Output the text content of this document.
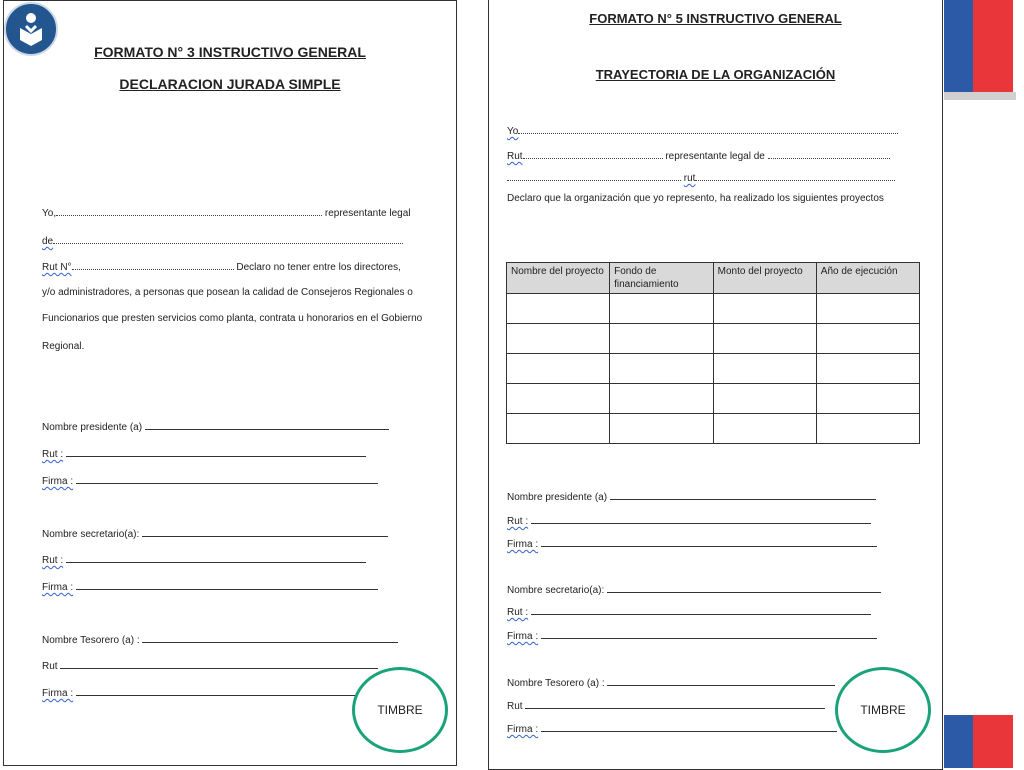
FORMATO N° 3 INSTRUCTIVO GENERAL
DECLARACION JURADA SIMPLE
Yo,	representante legal
de
Rut N°	Declaro no tener entre los directores,
y/o administradores, a personas que posean la calidad de Consejeros Regionales o
Funcionarios que presten servicios como planta, contrata u honorarios en el Gobierno
Regional.
Nombre presidente (a)
Rut :
Firma :
Nombre secretario(a):
Rut :
Firma :
Nombre Tesorero (a) :
Rut
Firma :
TIMBRE
FORMATO N° 5 INSTRUCTIVO GENERAL
TRAYECTORIA DE LA ORGANIZACIÓN
Yo
Rut	representante legal de
rut
Declaro que la organización que yo represento, ha realizado los siguientes proyectos
Nombre del proyecto	Fondo de financiamiento	Monto del proyecto	Año de ejecución

Nombre presidente (a)
Rut :
Firma :
Nombre secretario(a):
Rut :
Firma :
Nombre Tesorero (a) :
Rut
Firma :
TIMBRE
